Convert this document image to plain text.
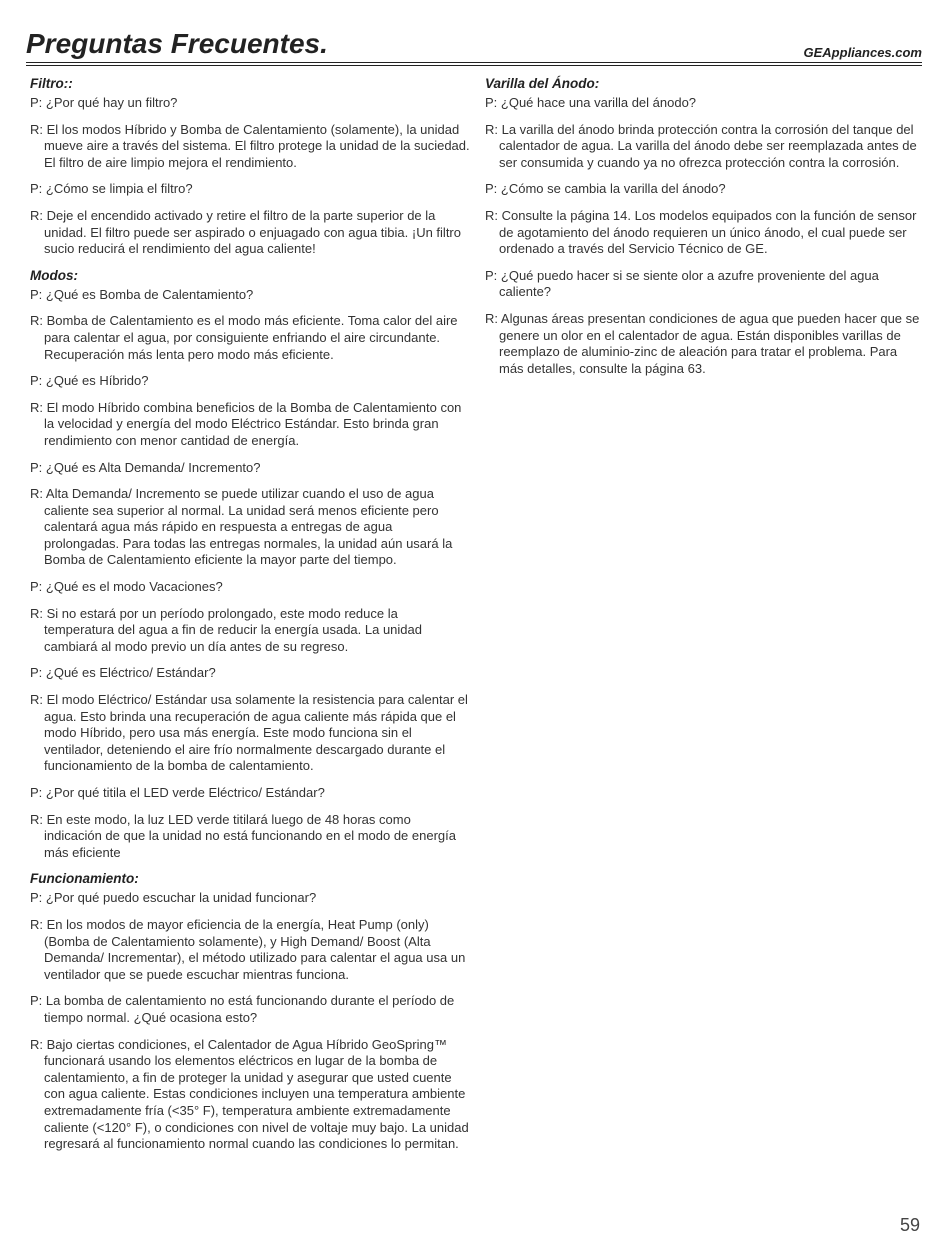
Preguntas Frecuentes.	GEAppliances.com
Filtro::

P: ¿Por qué hay un filtro?

R: El los modos Híbrido y Bomba de Calentamiento (solamente), la unidad mueve aire a través del sistema. El filtro protege la unidad de la suciedad. El filtro de aire limpio mejora el rendimiento.

P: ¿Cómo se limpia el filtro?

R: Deje el encendido activado y retire el filtro de la parte superior de la unidad. El filtro puede ser aspirado o enjuagado con agua tibia. ¡Un filtro sucio reducirá el rendimiento del agua caliente!

Modos:

P: ¿Qué es Bomba de Calentamiento?

R: Bomba de Calentamiento es el modo más eficiente. Toma calor del aire para calentar el agua, por consiguiente enfriando el aire circundante. Recuperación más lenta pero modo más eficiente.

P: ¿Qué es Híbrido?

R: El modo Híbrido combina beneficios de la Bomba de Calentamiento con la velocidad y energía del modo Eléctrico Estándar. Esto brinda gran rendimiento con menor cantidad de energía.

P: ¿Qué es Alta Demanda/ Incremento?

R: Alta Demanda/ Incremento se puede utilizar cuando el uso de agua caliente sea superior al normal. La unidad será menos eficiente pero calentará agua más rápido en respuesta a entregas de agua prolongadas. Para todas las entregas normales, la unidad aún usará la Bomba de Calentamiento eficiente la mayor parte del tiempo.

P: ¿Qué es el modo Vacaciones?

R: Si no estará por un período prolongado, este modo reduce la temperatura del agua a fin de reducir la energía usada. La unidad cambiará al modo previo un día antes de su regreso.

P: ¿Qué es Eléctrico/ Estándar?

R: El modo Eléctrico/ Estándar usa solamente la resistencia para calentar el agua. Esto brinda una recuperación de agua caliente más rápida que el modo Híbrido, pero usa más energía. Este modo funciona sin el ventilador, deteniendo el aire frío normalmente descargado durante el funcionamiento de la bomba de calentamiento.

P: ¿Por qué titila el LED verde Eléctrico/ Estándar?

R: En este modo, la luz LED verde titilará luego de 48 horas como indicación de que la unidad no está funcionando en el modo de energía más eficiente

Funcionamiento:

P: ¿Por qué puedo escuchar la unidad funcionar?

R: En los modos de mayor eficiencia de la energía, Heat Pump (only) (Bomba de Calentamiento solamente), y High Demand/ Boost (Alta Demanda/ Incrementar), el método utilizado para calentar el agua usa un ventilador que se puede escuchar mientras funciona.

P: La bomba de calentamiento no está funcionando durante el período de tiempo normal. ¿Qué ocasiona esto?

R: Bajo ciertas condiciones, el Calentador de Agua Híbrido GeoSpring™ funcionará usando los elementos eléctricos en lugar de la bomba de calentamiento, a fin de proteger la unidad y asegurar que usted cuente con agua caliente. Estas condiciones incluyen una temperatura ambiente extremadamente fría (<35° F), temperatura ambiente extremadamente caliente (<120° F), o condiciones con nivel de voltaje muy bajo. La unidad regresará al funcionamiento normal cuando las condiciones lo permitan.

Varilla del Ánodo:

P: ¿Qué hace una varilla del ánodo?

R: La varilla del ánodo brinda protección contra la corrosión del tanque del calentador de agua. La varilla del ánodo debe ser reemplazada antes de ser consumida y cuando ya no ofrezca protección contra la corrosión.

P: ¿Cómo se cambia la varilla del ánodo?

R: Consulte la página 14. Los modelos equipados con la función de sensor de agotamiento del ánodo requieren un único ánodo, el cual puede ser ordenado a través del Servicio Técnico de GE.

P: ¿Qué puedo hacer si se siente olor a azufre proveniente del agua caliente?

R: Algunas áreas presentan condiciones de agua que pueden hacer que se genere un olor en el calentador de agua. Están disponibles varillas de reemplazo de aluminio-zinc de aleación para tratar el problema. Para más detalles, consulte la página 63.

59
